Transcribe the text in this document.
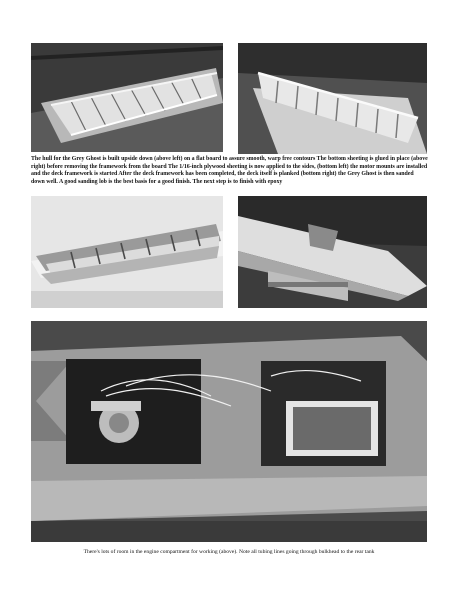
The hull for the Grey Ghost is built upside down (above left) on a flat board to assure smooth, warp free contours The bottom sheeting is glued in place (above right) before removing the framework from the board The 1/16-inch plywood sheeting is now applied to the sides, (bottom left) the motor mounts are installed and the deck framework is started After the deck framework has been completed, the deck itself is planked (bottom right) the Grey Ghost is then sanded down well. A good sanding lob is the best basis for a good finish. The next step is to finish with epoxy

There's lots of room in the engine compartment for working (above). Note all tubing lines going through bulkhead to the rear tank
